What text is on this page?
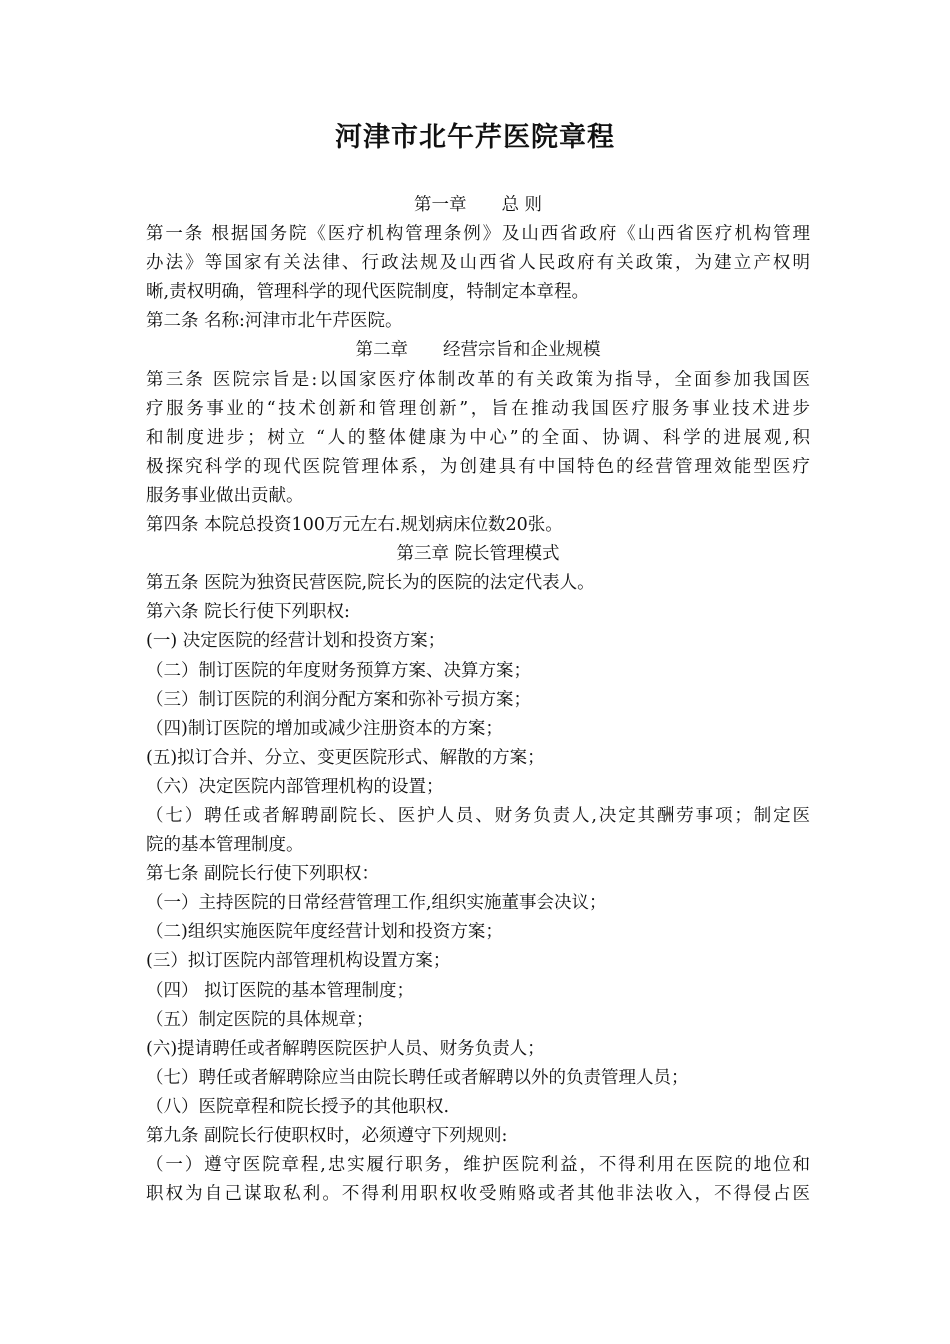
河津市北午芹医院章程
第一章　　总 则
第一条 根据国务院《医疗机构管理条例》及山西省政府《山西省医疗机构管理
办法》等国家有关法律、行政法规及山西省人民政府有关政策，为建立产权明
晰,责权明确，管理科学的现代医院制度，特制定本章程。
第二条 名称:河津市北午芹医院。
第二章　　经营宗旨和企业规模
第三条 医院宗旨是:以国家医疗体制改革的有关政策为指导，全面参加我国医
疗服务事业的“技术创新和管理创新”，旨在推动我国医疗服务事业技术进步
和制度进步；树立 “人的整体健康为中心”的全面、协调、科学的进展观,积
极探究科学的现代医院管理体系，为创建具有中国特色的经营管理效能型医疗
服务事业做出贡献。
第四条 本院总投资100万元左右.规划病床位数20张。
第三章 院长管理模式
第五条 医院为独资民营医院,院长为的医院的法定代表人。
第六条 院长行使下列职权:
(一) 决定医院的经营计划和投资方案；
（二）制订医院的年度财务预算方案、决算方案；
（三）制订医院的利润分配方案和弥补亏损方案；
（四)制订医院的增加或减少注册资本的方案；
(五)拟订合并、分立、变更医院形式、解散的方案；
（六）决定医院内部管理机构的设置；
（七）聘任或者解聘副院长、医护人员、财务负责人,决定其酬劳事项；制定医
院的基本管理制度。
第七条 副院长行使下列职权：
（一）主持医院的日常经营管理工作,组织实施董事会决议；
（二)组织实施医院年度经营计划和投资方案；
(三）拟订医院内部管理机构设置方案；
（四） 拟订医院的基本管理制度；
（五）制定医院的具体规章；
(六)提请聘任或者解聘医院医护人员、财务负责人；
（七）聘任或者解聘除应当由院长聘任或者解聘以外的负责管理人员；
（八）医院章程和院长授予的其他职权.
第九条 副院长行使职权时，必须遵守下列规则:
（一）遵守医院章程,忠实履行职务，维护医院利益，不得利用在医院的地位和
职权为自己谋取私利。不得利用职权收受贿赂或者其他非法收入，不得侵占医
